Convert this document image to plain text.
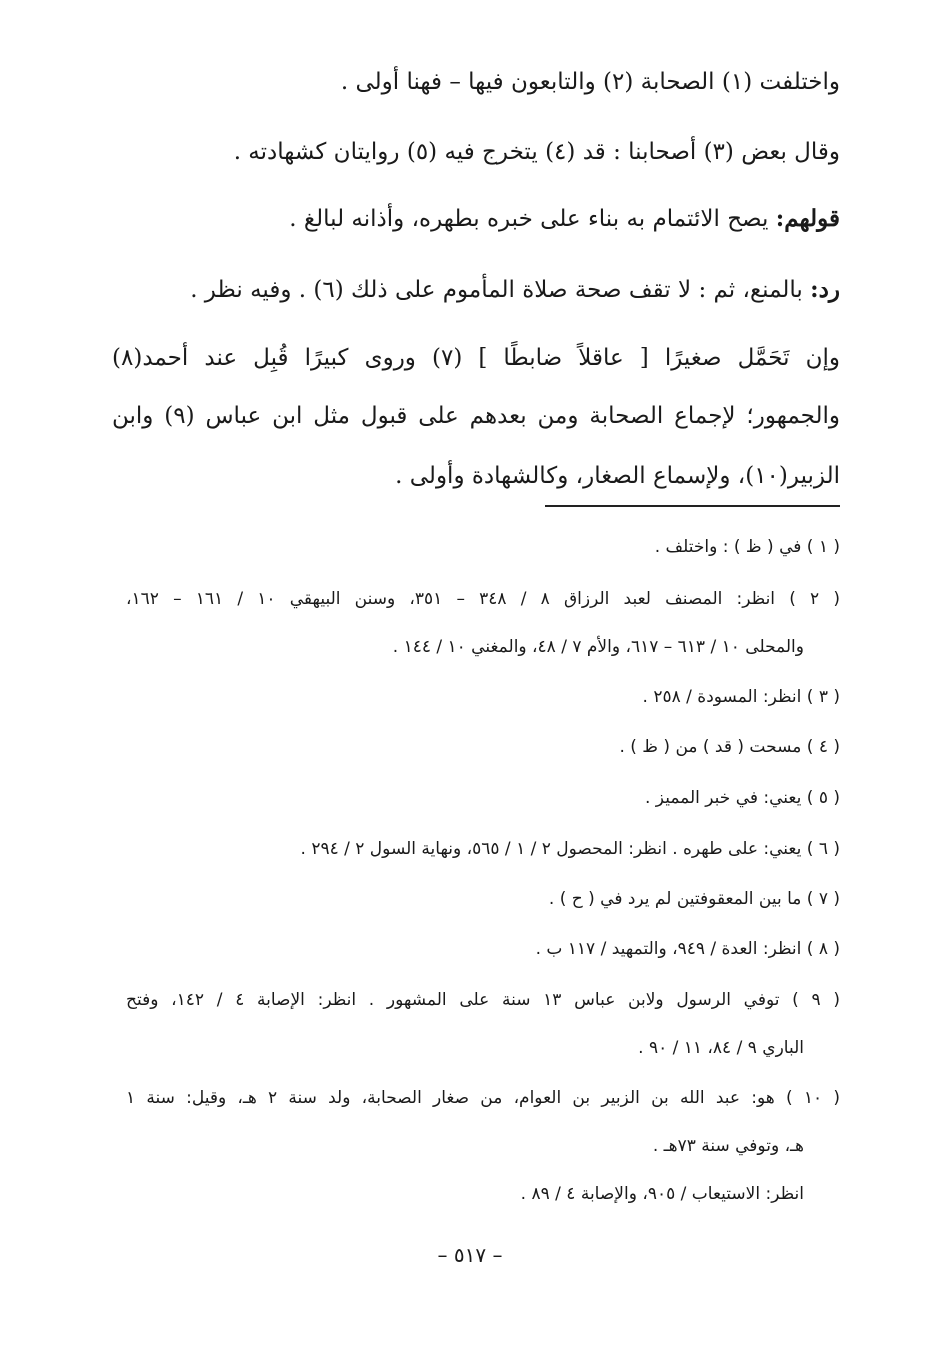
واختلفت (١) الصحابة (٢) والتابعون فيها – فهنا أولى .
وقال بعض (٣) أصحابنا : قد (٤) يتخرج فيه (٥) روايتان كشهادته .
قولهم: يصح الائتمام به بناء على خبره بطهره، وأذانه لبالغ .
رد: بالمنع، ثم : لا تقف صحة صلاة المأموم على ذلك (٦) . وفيه نظر .
وإن تَحَمَّل صغيرًا [ عاقلاً ضابطًا ] (٧) وروى كبيرًا قُبِل عند أحمد(٨)
والجمهور؛ لإجماع الصحابة ومن بعدهم على قبول مثل ابن عباس (٩) وابن
الزبير(١٠)، ولإسماع الصغار، وكالشهادة وأولى .
( ١ ) في ( ظ ) : واختلف .
( ٢ ) انظر: المصنف لعبد الرزاق ٨ / ٣٤٨ – ٣٥١، وسنن البيهقي ١٠ / ١٦١ – ١٦٢،
والمحلى ١٠ / ٦١٣ – ٦١٧، والأم ٧ / ٤٨، والمغني ١٠ / ١٤٤ .
( ٣ ) انظر: المسودة / ٢٥٨ .
( ٤ ) مسحت ( قد ) من ( ظ ) .
( ٥ ) يعني: في خبر المميز .
( ٦ ) يعني: على طهره . انظر: المحصول ٢ / ١ / ٥٦٥، ونهاية السول ٢ / ٢٩٤ .
( ٧ ) ما بين المعقوفتين لم يرد في ( ح ) .
( ٨ ) انظر: العدة / ٩٤٩، والتمهيد / ١١٧ ب .
( ٩ ) توفي الرسول ولابن عباس ١٣ سنة على المشهور . انظر: الإصابة ٤ / ١٤٢، وفتح
الباري ٩ / ٨٤، ١١ / ٩٠ .
( ١٠ ) هو: عبد الله بن الزبير بن العوام، من صغار الصحابة، ولد سنة ٢ هـ، وقيل: سنة ١
هـ، وتوفي سنة ٧٣هـ .
انظر: الاستيعاب / ٩٠٥، والإصابة ٤ / ٨٩ .
– ٥١٧ –
